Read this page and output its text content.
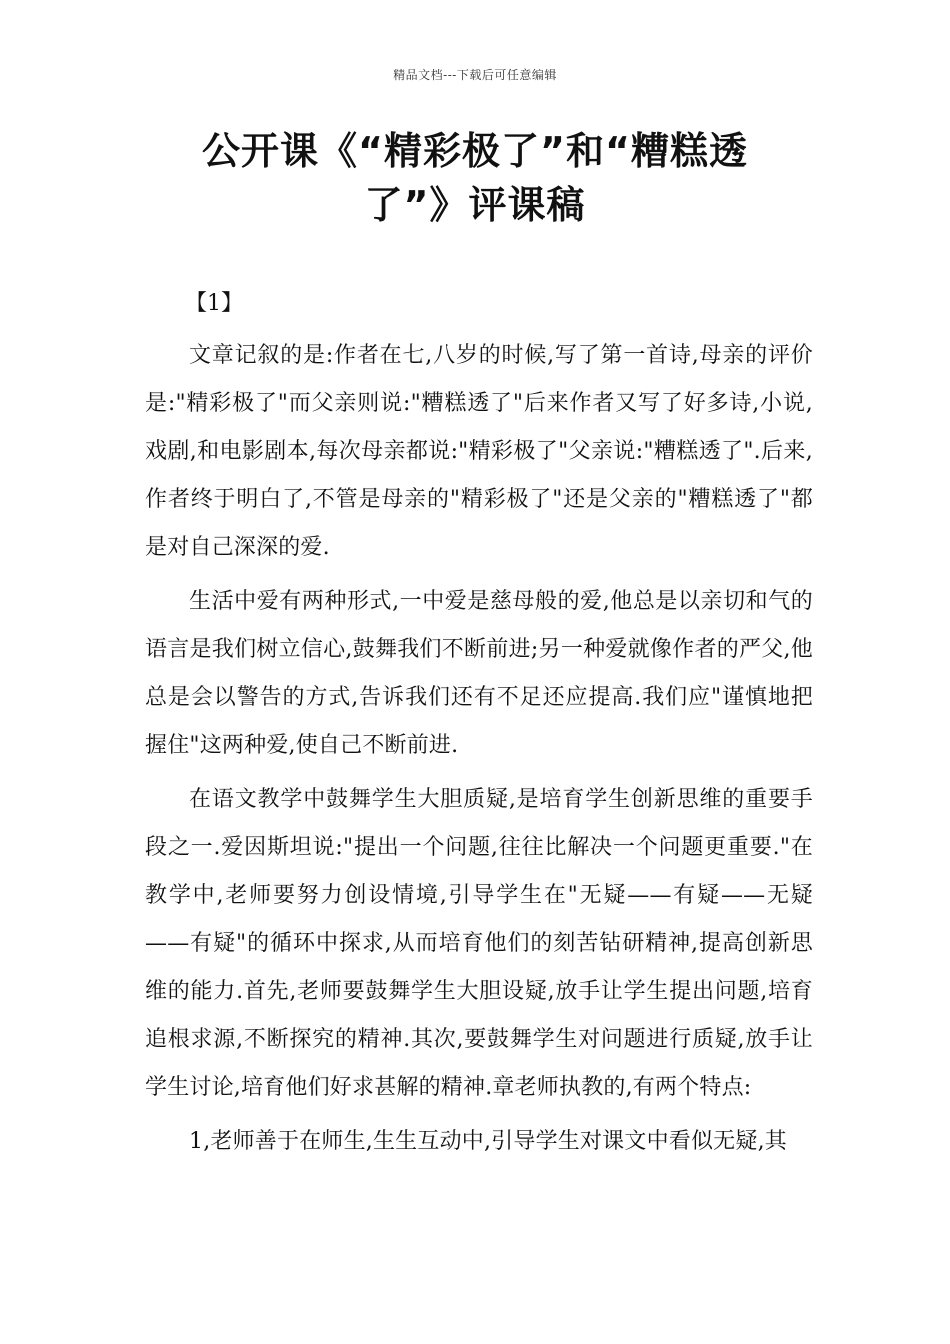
精品文档---下载后可任意编辑
公开课《“精彩极了”和“糟糕透
了”》评课稿
【1】

文章记叙的是:作者在七,八岁的时候,写了第一首诗,母亲的评价是:"精彩极了"而父亲则说:"糟糕透了"后来作者又写了好多诗,小说,戏剧,和电影剧本,每次母亲都说:"精彩极了"父亲说:"糟糕透了".后来,作者终于明白了,不管是母亲的"精彩极了"还是父亲的"糟糕透了"都是对自己深深的爱.

生活中爱有两种形式,一中爱是慈母般的爱,他总是以亲切和气的语言是我们树立信心,鼓舞我们不断前进;另一种爱就像作者的严父,他总是会以警告的方式,告诉我们还有不足还应提高.我们应"谨慎地把握住"这两种爱,使自己不断前进.

在语文教学中鼓舞学生大胆质疑,是培育学生创新思维的重要手段之一.爱因斯坦说:"提出一个问题,往往比解决一个问题更重要."在教学中,老师要努力创设情境,引导学生在"无疑——有疑——无疑——有疑"的循环中探求,从而培育他们的刻苦钻研精神,提高创新思维的能力.首先,老师要鼓舞学生大胆设疑,放手让学生提出问题,培育追根求源,不断探究的精神.其次,要鼓舞学生对问题进行质疑,放手让学生讨论,培育他们好求甚解的精神.章老师执教的,有两个特点:

1,老师善于在师生,生生互动中,引导学生对课文中看似无疑,其
